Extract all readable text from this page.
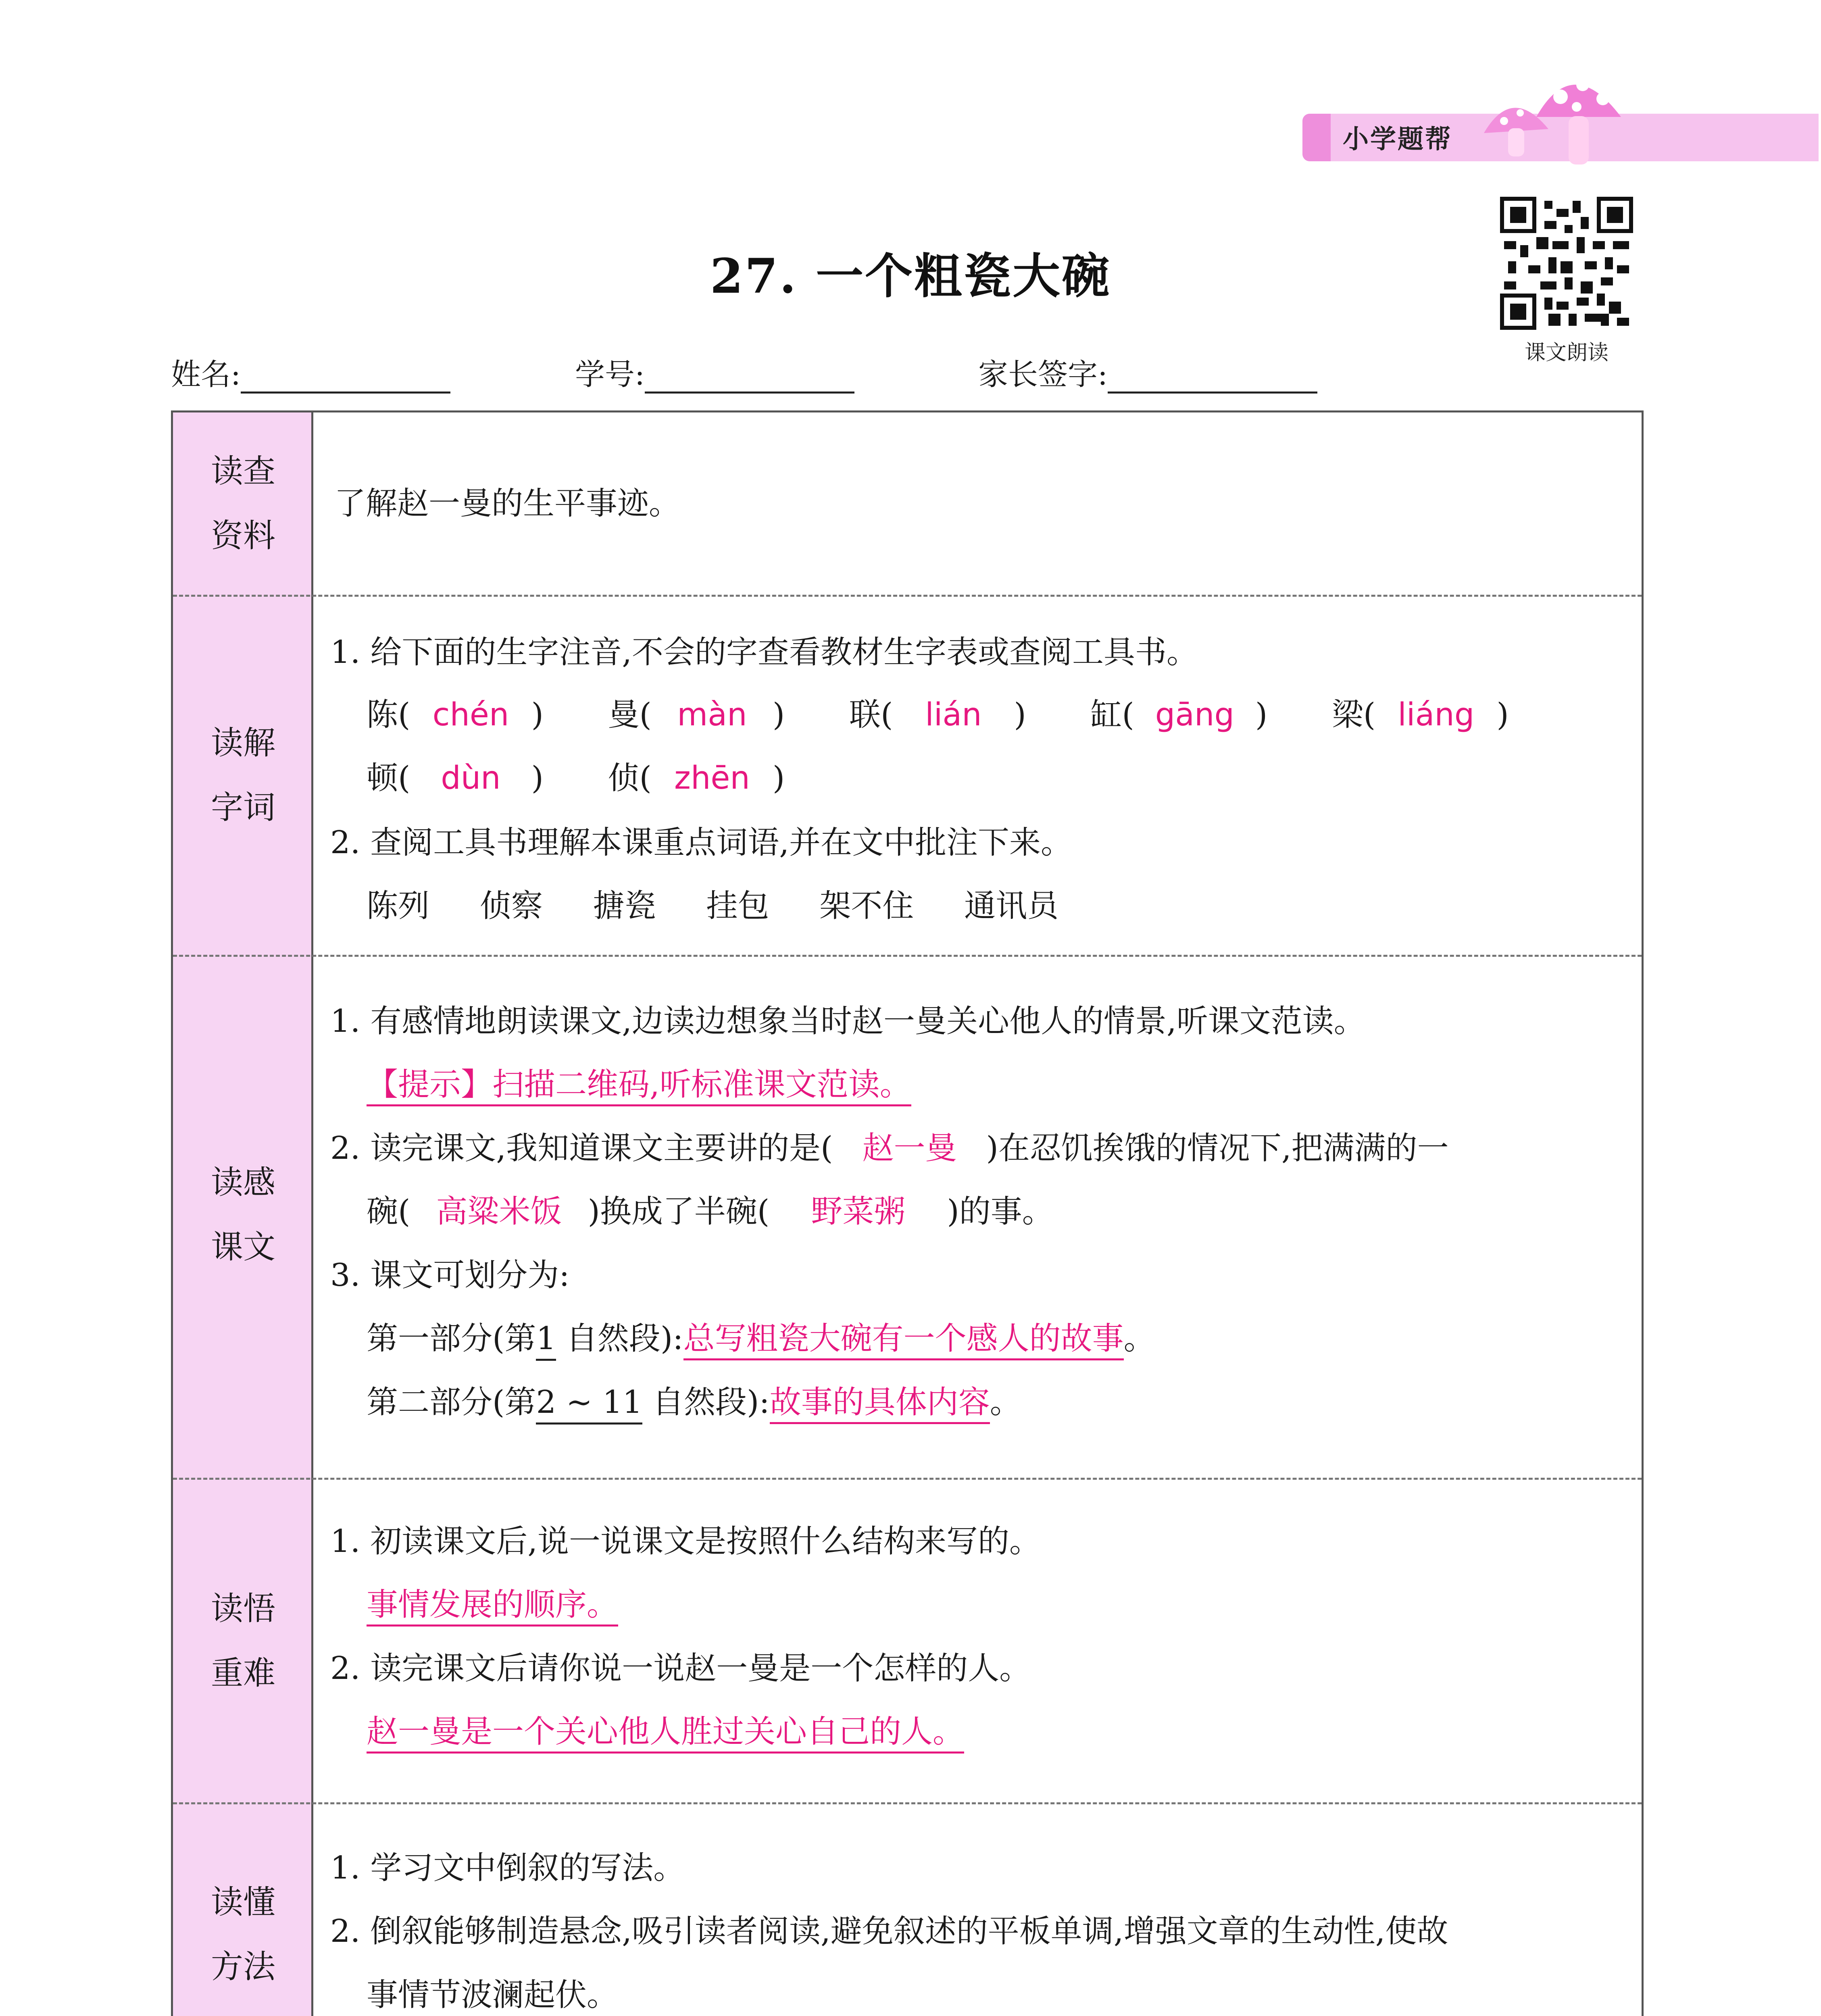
小学题帮
27. 一个粗瓷大碗
课文朗读
姓名:	学号:	家长签字:
读查
资料
了解赵一曼的生平事迹。
读解
字词
1. 给下面的生字注音,不会的字查看教材生字表或查阅工具书。
陈( chén ) 曼( màn ) 联( lián ) 缸( gāng ) 梁( liáng )
顿( dùn ) 侦( zhēn )
2. 查阅工具书理解本课重点词语,并在文中批注下来。
陈列 侦察 搪瓷 挂包 架不住 通讯员
读感
课文
1. 有感情地朗读课文,边读边想象当时赵一曼关心他人的情景,听课文范读。
【提示】扫描二维码,听标准课文范读。
2. 读完课文,我知道课文主要讲的是( 赵一曼 )在忍饥挨饿的情况下,把满满的一
碗( 高粱米饭 )换成了半碗( 野菜粥 )的事。
3. 课文可划分为:
第一部分(第1 自然段):总写粗瓷大碗有一个感人的故事。
第二部分(第2 ~ 11 自然段):故事的具体内容。
读悟
重难
1. 初读课文后,说一说课文是按照什么结构来写的。
事情发展的顺序。
2. 读完课文后请你说一说赵一曼是一个怎样的人。
赵一曼是一个关心他人胜过关心自己的人。
读懂
方法
1. 学习文中倒叙的写法。
2. 倒叙能够制造悬念,吸引读者阅读,避免叙述的平板单调,增强文章的生动性,使故
事情节波澜起伏。
